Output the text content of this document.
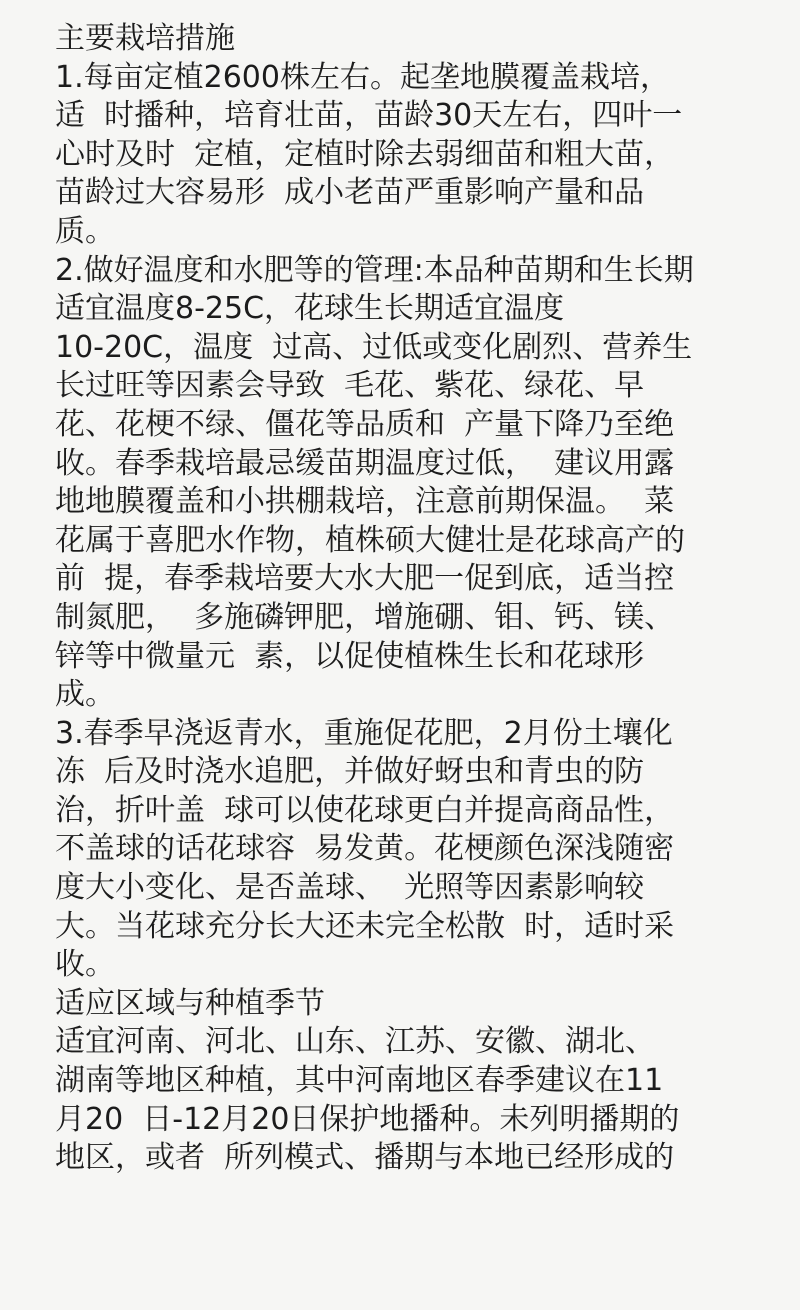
主要栽培措施
1.每亩定植2600株左右。起垄地膜覆盖栽培，
适  时播种，培育壮苗，苗龄30天左右，四叶一
心时及时  定植，定植时除去弱细苗和粗大苗，
苗龄过大容易形  成小老苗严重影响产量和品
质。
2.做好温度和水肥等的管理:本品种苗期和生长期
适宜温度8-25C，花球生长期适宜温度
10-20C，温度  过高、过低或变化剧烈、营养生
长过旺等因素会导致  毛花、紫花、绿花、早
花、花梗不绿、僵花等品质和  产量下降乃至绝
收。春季栽培最忌缓苗期温度过低，  建议用露
地地膜覆盖和小拱棚栽培，注意前期保温。  菜
花属于喜肥水作物，植株硕大健壮是花球高产的
前  提，春季栽培要大水大肥一促到底，适当控
制氮肥，  多施磷钾肥，增施硼、钼、钙、镁、
锌等中微量元  素，以促使植株生长和花球形
成。
3.春季早浇返青水，重施促花肥，2月份土壤化
冻  后及时浇水追肥，并做好蚜虫和青虫的防
治，折叶盖  球可以使花球更白并提高商品性，
不盖球的话花球容  易发黄。花梗颜色深浅随密
度大小变化、是否盖球、  光照等因素影响较
大。当花球充分长大还未完全松散  时，适时采
收。
适应区域与种植季节
适宜河南、河北、山东、江苏、安徽、湖北、
湖南等地区种植，其中河南地区春季建议在11
月20  日-12月20日保护地播种。未列明播期的
地区，或者  所列模式、播期与本地已经形成的
